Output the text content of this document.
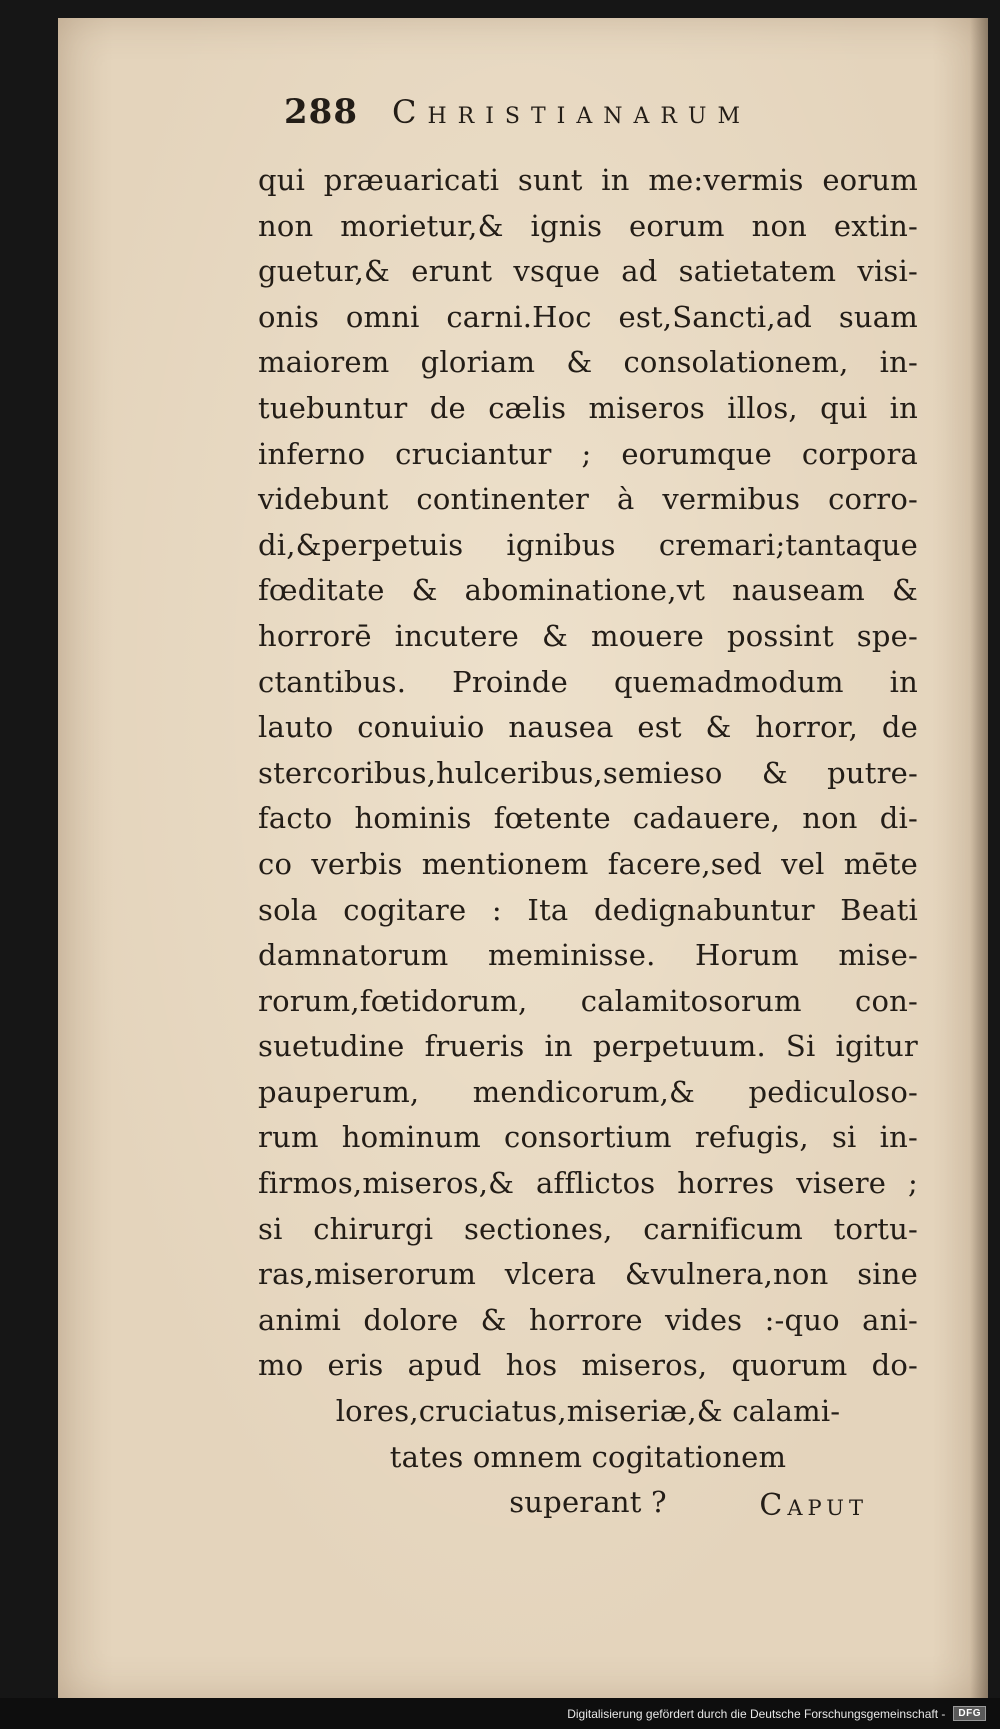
288 Christianarum
qui præuaricati sunt in me:vermis eorum
non morietur,& ignis eorum non extin-
guetur,& erunt vsque ad satietatem visi-
onis omni carni.Hoc est,Sancti,ad suam
maiorem gloriam & consolationem, in-
tuebuntur de cælis miseros illos, qui in
inferno cruciantur ; eorumque corpora
videbunt continenter à vermibus corro-
di,&perpetuis ignibus cremari;tantaque
fœditate & abominatione,vt nauseam &
horrorē incutere & mouere possint spe-
ctantibus. Proinde quemadmodum in
lauto conuiuio nausea est & horror, de
stercoribus,hulceribus,semieso & putre-
facto hominis fœtente cadauere, non di-
co verbis mentionem facere,sed vel mēte
sola cogitare : Ita dedignabuntur Beati
damnatorum meminisse. Horum mise-
rorum,fœtidorum, calamitosorum con-
suetudine frueris in perpetuum. Si igitur
pauperum, mendicorum,& pediculoso-
rum hominum consortium refugis, si in-
firmos,miseros,& afflictos horres visere ;
si chirurgi sectiones, carnificum tortu-
ras,miserorum vlcera &vulnera,non sine
animi dolore & horrore vides :-quo ani-
mo eris apud hos miseros, quorum do-
lores,cruciatus,miseriæ,& calami-
tates omnem cogitationem
superant ?	Caput
Digitalisierung gefördert durch die Deutsche Forschungsgemeinschaft -	DFG
